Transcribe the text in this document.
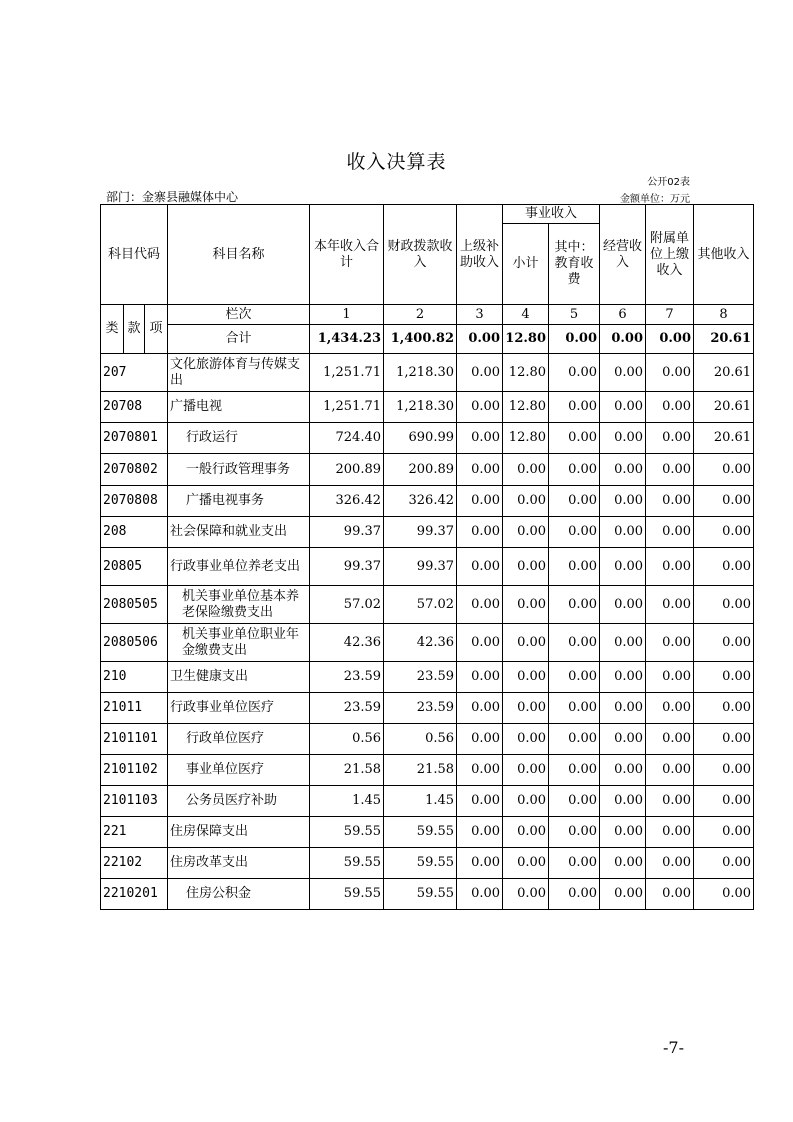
收入决算表
公开02表
部门：金寨县融媒体中心	金额单位：万元
科目代码			科目名称	本年收入合计	财政拨款收入	上级补助收入	事业收入		经营收入	附属单位上缴收入	其他收入
							小计	其中：教育收费			
类	款	项	栏次	1	2	3	4	5	6	7	8
			合计	1,434.23	1,400.82	0.00	12.80	0.00	0.00	0.00	20.61
207			文化旅游体育与传媒支出	1,251.71	1,218.30	0.00	12.80	0.00	0.00	0.00	20.61
20708			广播电视	1,251.71	1,218.30	0.00	12.80	0.00	0.00	0.00	20.61
2070801			行政运行	724.40	690.99	0.00	12.80	0.00	0.00	0.00	20.61
2070802			一般行政管理事务	200.89	200.89	0.00	0.00	0.00	0.00	0.00	0.00
2070808			广播电视事务	326.42	326.42	0.00	0.00	0.00	0.00	0.00	0.00
208			社会保障和就业支出	99.37	99.37	0.00	0.00	0.00	0.00	0.00	0.00
20805			行政事业单位养老支出	99.37	99.37	0.00	0.00	0.00	0.00	0.00	0.00
2080505			机关事业单位基本养老保险缴费支出	57.02	57.02	0.00	0.00	0.00	0.00	0.00	0.00
2080506			机关事业单位职业年金缴费支出	42.36	42.36	0.00	0.00	0.00	0.00	0.00	0.00
210			卫生健康支出	23.59	23.59	0.00	0.00	0.00	0.00	0.00	0.00
21011			行政事业单位医疗	23.59	23.59	0.00	0.00	0.00	0.00	0.00	0.00
2101101			行政单位医疗	0.56	0.56	0.00	0.00	0.00	0.00	0.00	0.00
2101102			事业单位医疗	21.58	21.58	0.00	0.00	0.00	0.00	0.00	0.00
2101103			公务员医疗补助	1.45	1.45	0.00	0.00	0.00	0.00	0.00	0.00
221			住房保障支出	59.55	59.55	0.00	0.00	0.00	0.00	0.00	0.00
22102			住房改革支出	59.55	59.55	0.00	0.00	0.00	0.00	0.00	0.00
2210201			住房公积金	59.55	59.55	0.00	0.00	0.00	0.00	0.00	0.00
-7-
